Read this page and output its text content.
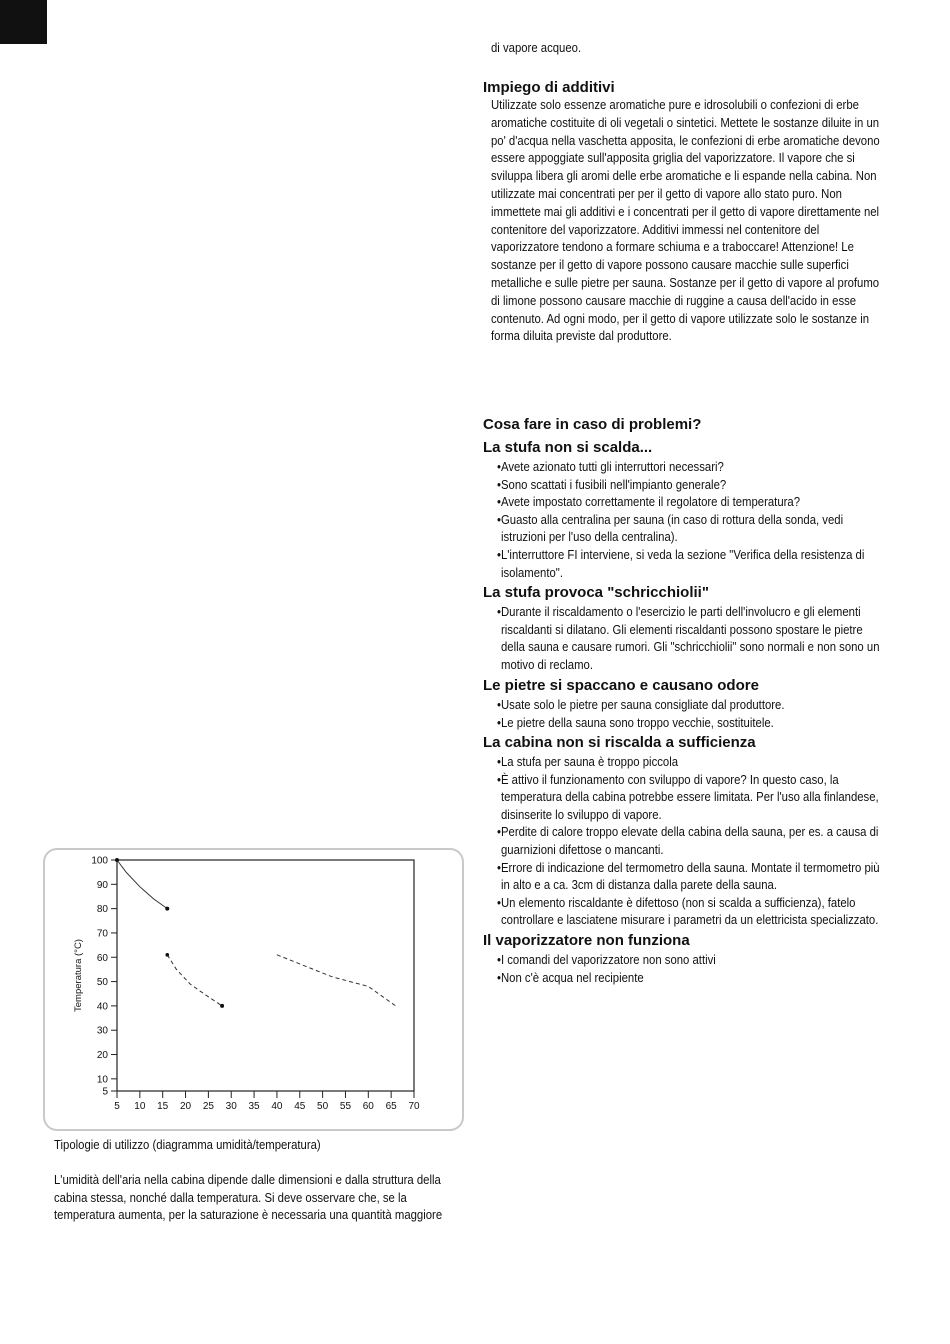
di vapore acqueo.
Impiego di additivi
Utilizzate solo essenze aromatiche pure e idrosolubili o confezioni di erbe
aromatiche costituite di oli vegetali o sintetici. Mettete le sostanze diluite in un
po' d'acqua nella vaschetta apposita, le confezioni di erbe aromatiche devono
essere appoggiate sull'apposita griglia del vaporizzatore. Il vapore che si
sviluppa libera gli aromi delle erbe aromatiche e li espande nella cabina. Non
utilizzate mai concentrati per per il getto di vapore allo stato puro. Non
immettete mai gli additivi e i concentrati per il getto di vapore direttamente nel
contenitore del vaporizzatore. Additivi immessi nel contenitore del
vaporizzatore tendono a formare schiuma e a traboccare! Attenzione! Le
sostanze per il getto di vapore possono causare macchie sulle superfici
metalliche e sulle pietre per sauna. Sostanze per il getto di vapore al profumo
di limone possono causare macchie di ruggine a causa dell'acido in esse
contenuto. Ad ogni modo, per il getto di vapore utilizzate solo le sostanze in
forma diluita previste dal produttore.
Cosa fare in caso di problemi?
La stufa non si scalda...
•Avete azionato tutti gli interruttori necessari?
•Sono scattati i fusibili nell'impianto generale?
•Avete impostato correttamente il regolatore di temperatura?
•Guasto alla centralina per sauna (in caso di rottura della sonda, vedi
istruzioni per l'uso della centralina).
•L'interruttore FI interviene, si veda la sezione "Verifica della resistenza di
isolamento".
La stufa provoca "schricchiolii"
•Durante il riscaldamento o l'esercizio le parti dell'involucro e gli elementi
riscaldanti si dilatano. Gli elementi riscaldanti possono spostare le pietre
della sauna e causare rumori. Gli "schricchiolii" sono normali e non sono un
motivo di reclamo.
Le pietre si spaccano e causano odore
•Usate solo le pietre per sauna consigliate dal produttore.
•Le pietre della sauna sono troppo vecchie, sostituitele.
La cabina non si riscalda a sufficienza
•La stufa per sauna è troppo piccola
•È attivo il funzionamento con sviluppo di vapore? In questo caso, la
temperatura della cabina potrebbe essere limitata. Per l'uso alla finlandese,
disinserite lo sviluppo di vapore.
•Perdite di calore troppo elevate della cabina della sauna, per es. a causa di
guarnizioni difettose o mancanti.
•Errore di indicazione del termometro della sauna. Montate il termometro più
in alto e a ca. 3cm di distanza dalla parete della sauna.
•Un elemento riscaldante è difettoso (non si scalda a sufficienza), fatelo
controllare e lasciatene misurare i parametri da un elettricista specializzato.
Il vaporizzatore non funziona
•I comandi del vaporizzatore non sono attivi
•Non c'è acqua nel recipiente
100
90
80
70
60
50
40
30
20
10
5
5 10 15 20 25 30 35 40 45 50 55 60 65 70
Temperatura (°C)
Tipologie di utilizzo (diagramma umidità/temperatura)
L'umidità dell'aria nella cabina dipende dalle dimensioni e dalla struttura della
cabina stessa, nonché dalla temperatura. Si deve osservare che, se la
temperatura aumenta, per la saturazione è necessaria una quantità maggiore
